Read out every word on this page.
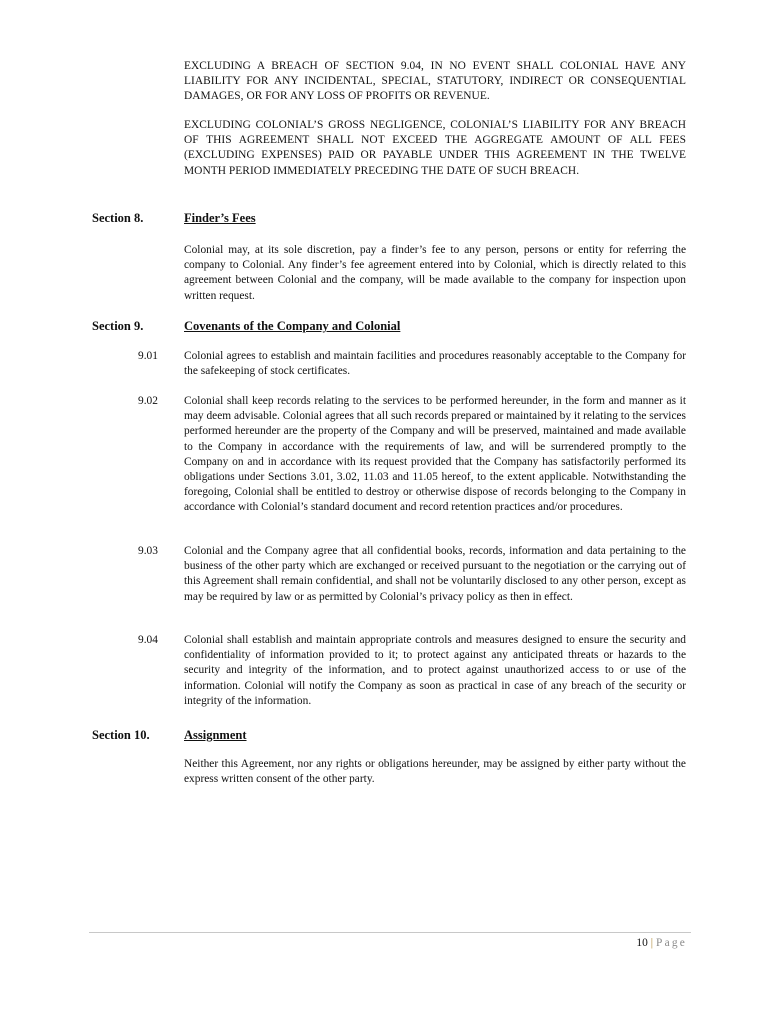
EXCLUDING A BREACH OF SECTION 9.04, IN NO EVENT SHALL COLONIAL HAVE ANY LIABILITY FOR ANY INCIDENTAL, SPECIAL, STATUTORY, INDIRECT OR CONSEQUENTIAL DAMAGES, OR FOR ANY LOSS OF PROFITS OR REVENUE.

EXCLUDING COLONIAL’S GROSS NEGLIGENCE, COLONIAL’S LIABILITY FOR ANY BREACH OF THIS AGREEMENT SHALL NOT EXCEED THE AGGREGATE AMOUNT OF ALL FEES (EXCLUDING EXPENSES) PAID OR PAYABLE UNDER THIS AGREEMENT IN THE TWELVE MONTH PERIOD IMMEDIATELY PRECEDING THE DATE OF SUCH BREACH.

Section 8.	Finder’s Fees

Colonial may, at its sole discretion, pay a finder’s fee to any person, persons or entity for referring the company to Colonial. Any finder’s fee agreement entered into by Colonial, which is directly related to this agreement between Colonial and the company, will be made available to the company for inspection upon written request.

Section 9.	Covenants of the Company and Colonial
9.01 Colonial agrees to establish and maintain facilities and procedures reasonably acceptable to the Company for the safekeeping of stock certificates.

9.02 Colonial shall keep records relating to the services to be performed hereunder, in the form and manner as it may deem advisable. Colonial agrees that all such records prepared or maintained by it relating to the services performed hereunder are the property of the Company and will be preserved, maintained and made available to the Company in accordance with the requirements of law, and will be surrendered promptly to the Company on and in accordance with its request provided that the Company has satisfactorily performed its obligations under Sections 3.01, 3.02, 11.03 and 11.05 hereof, to the extent applicable. Notwithstanding the foregoing, Colonial shall be entitled to destroy or otherwise dispose of records belonging to the Company in accordance with Colonial’s standard document and record retention practices and/or procedures.

9.03 Colonial and the Company agree that all confidential books, records, information and data pertaining to the business of the other party which are exchanged or received pursuant to the negotiation or the carrying out of this Agreement shall remain confidential, and shall not be voluntarily disclosed to any other person, except as may be required by law or as permitted by Colonial’s privacy policy as then in effect.

9.04 Colonial shall establish and maintain appropriate controls and measures designed to ensure the security and confidentiality of information provided to it; to protect against any anticipated threats or hazards to the security and integrity of the information, and to protect against unauthorized access to or use of the information. Colonial will notify the Company as soon as practical in case of any breach of the security or integrity of the information.

Section 10.	Assignment

Neither this Agreement, nor any rights or obligations hereunder, may be assigned by either party without the express written consent of the other party.

10 | Page
